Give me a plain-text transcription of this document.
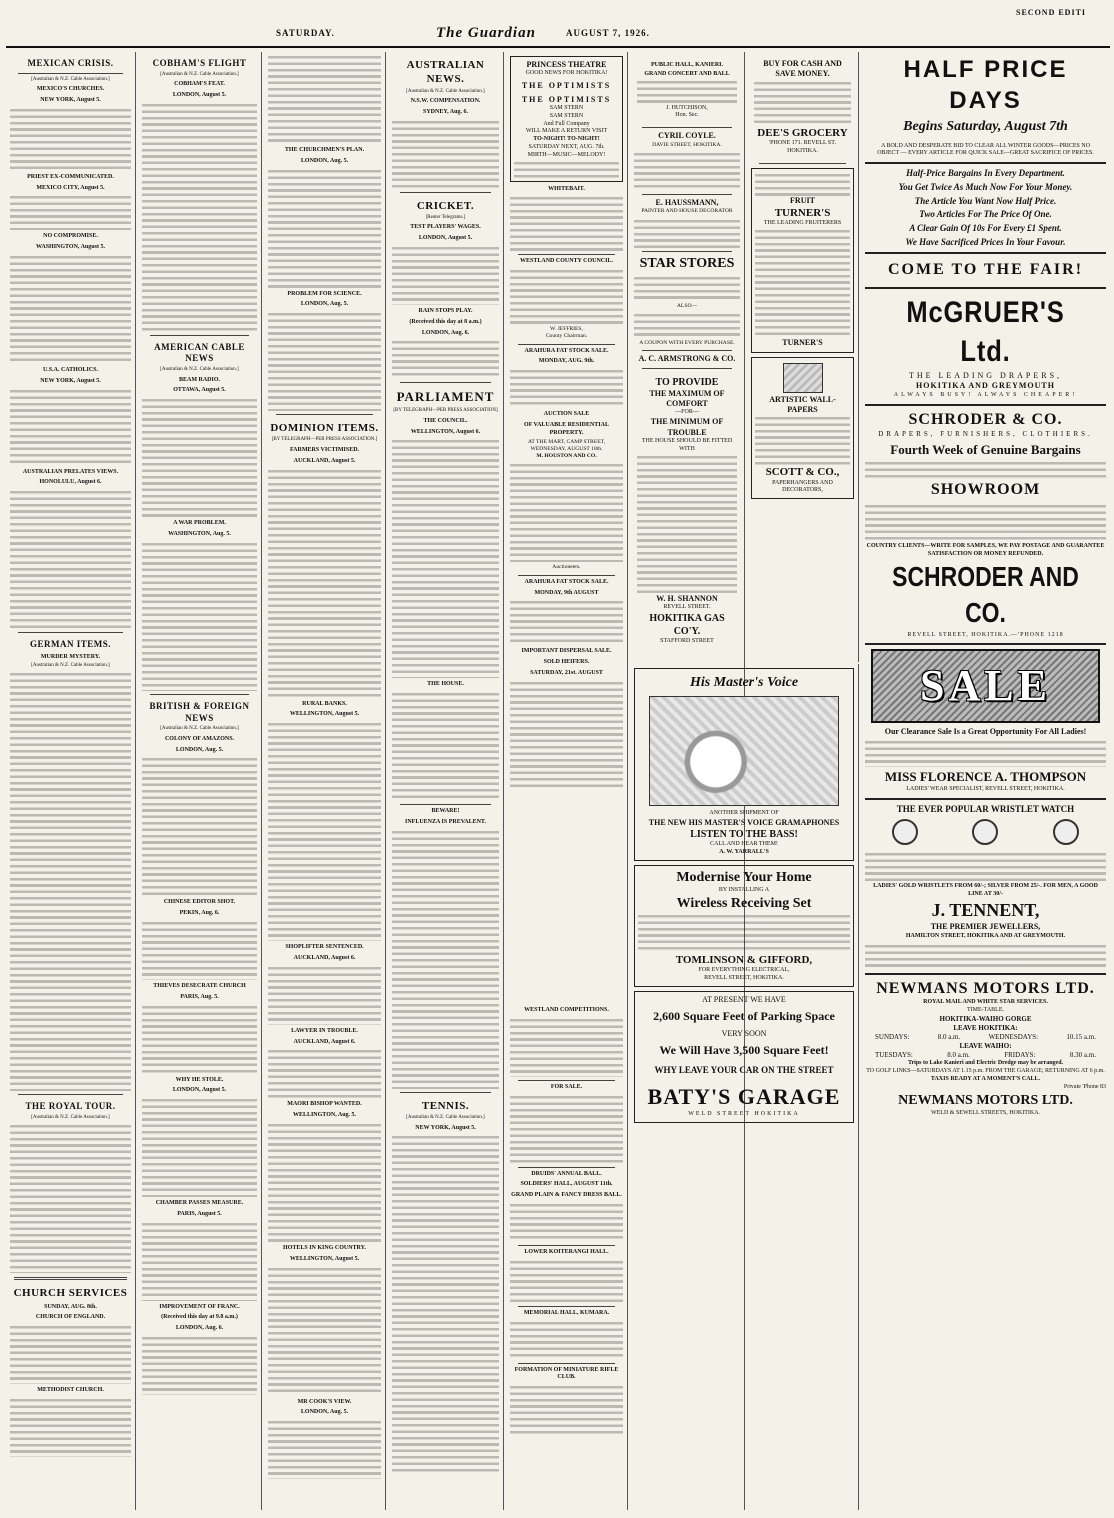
SATURDAY.	The Guardian	AUGUST 7, 1926.
SECOND EDITI
MEXICAN CRISIS.
[Australian & N.Z. Cable Association.]
MEXICO'S CHURCHES.
NEW YORK, August 5.
PRIEST EX-COMMUNICATED.
MEXICO CITY, August 5.
NO COMPROMISE.
WASHINGTON, August 5.
U.S.A. CATHOLICS.
NEW YORK, August 5.
AUSTRALIAN PRELATES VIEWS.
HONOLULU, August 6.
GERMAN ITEMS.
MURDER MYSTERY.
[Australian & N.Z. Cable Association.]
THE ROYAL TOUR.
[Australian & N.Z. Cable Association.]
CHURCH SERVICES
SUNDAY, AUG. 8th.
CHURCH OF ENGLAND.
METHODIST CHURCH.
COBHAM'S FLIGHT
[Australian & N.Z. Cable Association.]
COBHAM'S FEAT.
LONDON, August 5.
AMERICAN CABLE NEWS
[Australian & N.Z. Cable Association.]
BEAM RADIO.
OTTAWA, August 5.
A WAR PROBLEM.
WASHINGTON, Aug. 5.
BRITISH & FOREIGN NEWS
[Australian & N.Z. Cable Association.]
COLONY OF AMAZONS.
LONDON, Aug. 5.
CHINESE EDITOR SHOT.
PEKIN, Aug. 6.
THIEVES DESECRATE CHURCH
PARIS, Aug. 5.
WHY HE STOLE.
LONDON, August 5.
CHAMBER PASSES MEASURE.
PARIS, August 5.
IMPROVEMENT OF FRANC.
(Received this day at 9.8 a.m.)
LONDON, Aug. 6.
THE CHURCHMEN'S PLAN.
LONDON, Aug. 5.
PROBLEM FOR SCIENCE.
LONDON, Aug. 5.
DOMINION ITEMS.
[BY TELEGRAPH—PER PRESS ASSOCIATION.]
FARMERS VICTIMISED.
AUCKLAND, August 5.
RURAL BANKS.
WELLINGTON, August 5.
SHOPLIFTER SENTENCED.
AUCKLAND, August 6.
LAWYER IN TROUBLE.
AUCKLAND, August 6.
MAORI BISHOP WANTED.
WELLINGTON, Aug. 5.
HOTELS IN KING COUNTRY.
WELLINGTON, August 5.
MR COOK'S VIEW.
LONDON, Aug. 5.
AUSTRALIAN NEWS.
[Australian & N.Z. Cable Association.]
N.S.W. COMPENSATION.
SYDNEY, Aug. 6.
CRICKET.
[Reuter Telegrams.]
TEST PLAYERS' WAGES.
LONDON, August 5.
RAIN STOPS PLAY.
(Received this day at 8 a.m.)
LONDON, Aug. 6.
PARLIAMENT
[BY TELEGRAPH—PER PRESS ASSOCIATION]
THE COUNCIL.
WELLINGTON, August 6.
THE HOUSE.
BEWARE!
INFLUENZA IS PREVALENT.
TENNIS.
[Australian & N.Z. Cable Association.]
NEW YORK, August 5.
PRINCESS THEATRE
GOOD NEWS FOR HOKITIKA!
THE OPTIMISTS
THE OPTIMISTS
SAM STERN
SAM STERN
And Full Company
WILL MAKE A RETURN VISIT
TO-NIGHT! TO-NIGHT!
SATURDAY NEXT, AUG. 7th.
MIRTH—MUSIC—MELODY!
WHITEBAIT.
WESTLAND COUNTY COUNCIL.
W. JEFFRIES,
County Chairman.
ARAHURA FAT STOCK SALE.
MONDAY, AUG. 9th.
AUCTION SALE
OF VALUABLE RESIDENTIAL PROPERTY.
AT THE MART, CAMP STREET,
WEDNESDAY, AUGUST 18th.
M. HOUSTON AND CO.
Auctioneers.
ARAHURA FAT STOCK SALE.
MONDAY, 9th AUGUST
IMPORTANT DISPERSAL SALE.
SOLD HEIFERS.
SATURDAY, 21st. AUGUST
PUBLIC HALL, KANIERI.
GRAND CONCERT AND BALL
J. HUTCHISON,
Hon. Sec.
CYRIL COYLE.
DAVIE STREET, HOKITIKA.
E. HAUSSMANN,
PAINTER AND HOUSE DECORATOR
STAR STORES
ALSO—
A COUPON WITH EVERY PURCHASE.
A. C. ARMSTRONG & CO.
TO PROVIDE
THE MAXIMUM OF COMFORT
—FOR—
THE MINIMUM OF TROUBLE
THE HOUSE SHOULD BE FITTED WITH
W. H. SHANNON
REVELL STREET.
HOKITIKA GAS CO'Y.
STAFFORD STREET
BUY FOR CASH AND SAVE MONEY.
DEE'S GROCERY
'PHONE 171. REVELL ST.
HOKITIKA.
FRUIT
TURNER'S
THE LEADING FRUITERERS
TURNER'S
ARTISTIC WALL-PAPERS
SCOTT & CO.,
PAPERHANGERS AND DECORATORS,
His Master's Voice
ANOTHER SHIPMENT OF
THE NEW HIS MASTER'S VOICE GRAMAPHONES
LISTEN TO THE BASS!
CALL AND HEAR THEM!
A. W. YARRALL'S
Modernise Your Home
BY INSTALLING A
Wireless Receiving Set
TOMLINSON & GIFFORD,
FOR EVERYTHING ELECTRICAL,
REVELL STREET, HOKITIKA.
AT PRESENT WE HAVE
2,600 Square Feet of Parking Space
VERY SOON
We Will Have 3,500 Square Feet!
WHY LEAVE YOUR CAR ON THE STREET
BATY'S GARAGE
WELD STREET HOKITIKA
WESTLAND COMPETITIONS.
FOR SALE.
DRUIDS' ANNUAL BALL.
SOLDIERS' HALL, AUGUST 11th.
GRAND PLAIN & FANCY DRESS BALL.
LOWER KOITERANGI HALL.
MEMORIAL HALL, KUMARA.
FORMATION OF MINIATURE RIFLE CLUB.
HALF PRICE DAYS
Begins Saturday, August 7th
A BOLD AND DESPERATE BID TO CLEAR ALL WINTER GOODS—PRICES NO OBJECT — EVERY ARTICLE FOR QUICK SALE—GREAT SACRIFICE OF PRICES.
Half-Price Bargains In Every Department.
You Get Twice As Much Now For Your Money.
The Article You Want Now Half Price.
Two Articles For The Price Of One.
A Clear Gain Of 10s For Every £1 Spent.
We Have Sacrificed Prices In Your Favour.
COME TO THE FAIR!
McGRUER'S Ltd.
THE LEADING DRAPERS,
HOKITIKA AND GREYMOUTH
ALWAYS BUSY! ALWAYS CHEAPER!
SCHRODER & CO.
DRAPERS, FURNISHERS, CLOTHIERS.
Fourth Week of Genuine Bargains
SHOWROOM
COUNTRY CLIENTS—WRITE FOR SAMPLES, WE PAY POSTAGE AND GUARANTEE SATISFACTION OR MONEY REFUNDED.
SCHRODER AND CO.
REVELL STREET, HOKITIKA.—'PHONE 1218
SALE
Our Clearance Sale Is a Great Opportunity For All Ladies!
MISS FLORENCE A. THOMPSON
LADIES' WEAR SPECIALIST, REVELL STREET, HOKITIKA.
THE EVER POPULAR WRISTLET WATCH
LADIES' GOLD WRISTLETS FROM 60/-; SILVER FROM 25/-. FOR MEN, A GOOD LINE AT 30/-
J. TENNENT,
THE PREMIER JEWELLERS,
HAMILTON STREET, HOKITIKA AND AT GREYMOUTH.
NEWMANS MOTORS LTD.
ROYAL MAIL AND WHITE STAR SERVICES.
TIME-TABLE.
HOKITIKA-WAIHO GORGE
LEAVE HOKITIKA:
SUNDAYS:	8.0 a.m.	WEDNESDAYS:	10.15 a.m.
LEAVE WAIHO:
TUESDAYS:	8.0 a.m.	FRIDAYS:	8.30 a.m.
Trips to Lake Kanieri and Electric Dredge may be arranged.
TO GOLF LINKS—SATURDAYS AT 1.15 p.m. FROM THE GARAGE; RETURNING AT 6 p.m.
TAXIS READY AT A MOMENT'S CALL.
Private 'Phone 83
NEWMANS MOTORS LTD.
WELD & SEWELL STREETS, HOKITIKA.
